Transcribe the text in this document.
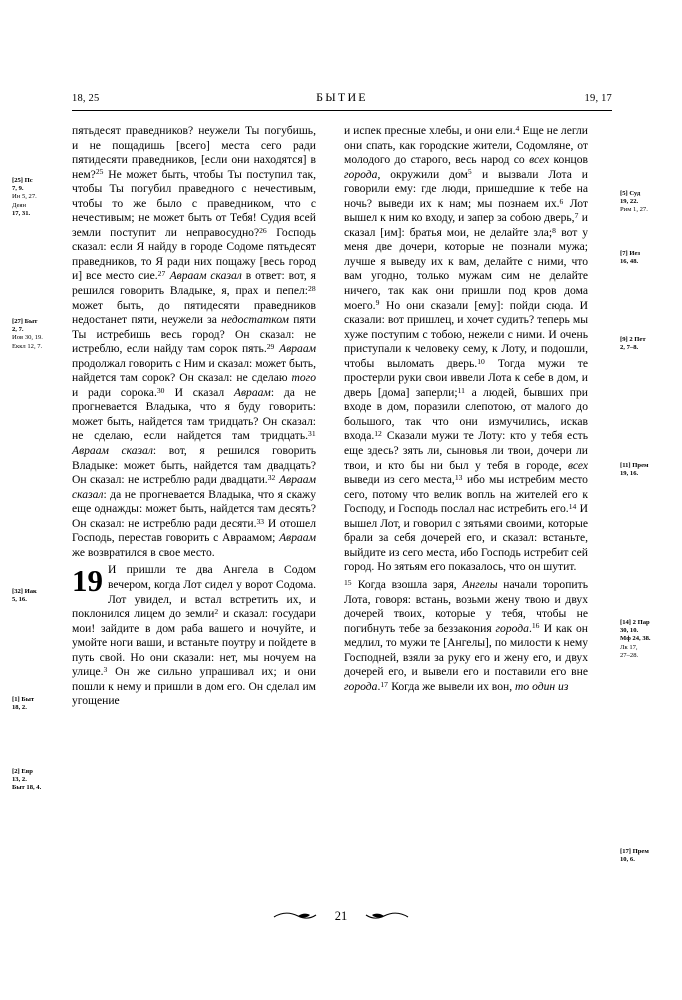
18, 25	БЫТИЕ	19, 17
[25] Пс
7, 9.
Ин 5, 27.
Деян
17, 31.
[27] Быт
2, 7.
Иов 30, 19.
Еккл 12, 7.
[32] Иак
5, 16.
[1] Быт
18, 2.
[2] Евр
13, 2.
Быт 18, 4.
[5] Суд
19, 22.
Рим 1, 27.
[7] Иез
16, 48.
[9] 2 Пет
2, 7–8.
[11] Прем
19, 16.
[14] 2 Пар
30, 10.
Мф 24, 38.
Лк 17,
27–28.
[17] Прем
10, 6.

пятьдесят праведников? неужели Ты погубишь, и не пощадишь [всего] места сего ради пятидесяти праведников, [если они находятся] в нем?$^{25}$ Не может быть, чтобы Ты поступил так, чтобы Ты погубил праведного с нечестивым, чтобы то же было с праведником, что с нечестивым; не может быть от Тебя! Судия всей земли поступит ли неправосудно?$^{26}$ Господь сказал: если Я найду в городе Содоме пятьдесят праведников, то Я ради них пощажу [весь город и] все место сие.$^{27}$ Авраам сказал в ответ: вот, я решился говорить Владыке, я, прах и пепел:$^{28}$ может быть, до пятидесяти праведников недостанет пяти, неужели за недостатком пяти Ты истребишь весь город? Он сказал: не истреблю, если найду там сорок пять.$^{29}$ Авраам продолжал говорить с Ним и сказал: может быть, найдется там сорок? Он сказал: не сделаю того и ради сорока.$^{30}$ И сказал Авраам: да не прогневается Владыка, что я буду говорить: может быть, найдется там тридцать? Он сказал: не сделаю, если найдется там тридцать.$^{31}$ Авраам сказал: вот, я решился говорить Владыке: может быть, найдется там двадцать? Он сказал: не истреблю ради двадцати.$^{32}$ Авраам сказал: да не прогневается Владыка, что я скажу еще однажды: может быть, найдется там десять? Он сказал: не истреблю ради десяти.$^{33}$ И отошел Господь, перестав говорить с Авраамом; Авраам же возвратился в свое место.

19 И пришли те два Ангела в Содом вечером, когда Лот сидел у ворот Содома. Лот увидел, и встал встретить их, и поклонился лицем до земли$^2$ и сказал: государи мои! зайдите в дом раба вашего и ночуйте, и умойте ноги ваши, и встаньте поутру и пойдете в путь свой. Но они сказали: нет, мы ночуем на улице.$^3$ Он же сильно упрашивал их; и они пошли к нему и пришли в дом его. Он сделал им угощение

и испек пресные хлебы, и они ели.$^4$ Еще не легли они спать, как городские жители, Содомляне, от молодого до старого, весь народ со всех концов города, окружили дом$^5$ и вызвали Лота и говорили ему: где люди, пришедшие к тебе на ночь? выведи их к нам; мы познаем их.$^6$ Лот вышел к ним ко входу, и запер за собою дверь,$^7$ и сказал [им]: братья мои, не делайте зла;$^8$ вот у меня две дочери, которые не познали мужа; лучше я выведу их к вам, делайте с ними, что вам угодно, только мужам сим не делайте ничего, так как они пришли под кров дома моего.$^9$ Но они сказали [ему]: пойди сюда. И сказали: вот пришлец, и хочет судить? теперь мы хуже поступим с тобою, нежели с ними. И очень приступали к человеку сему, к Лоту, и подошли, чтобы выломать дверь.$^{10}$ Тогда мужи те простерли руки свои иввели Лота к себе в дом, и дверь [дома] заперли;$^{11}$ а людей, бывших при входе в дом, поразили слепотою, от малого до большого, так что они измучились, искав входа.$^{12}$ Сказали мужи те Лоту: кто у тебя есть еще здесь? зять ли, сыновья ли твои, дочери ли твои, и кто бы ни был у тебя в городе, всех выведи из сего места,$^{13}$ ибо мы истребим место сего, потому что велик вопль на жителей его к Господу, и Господь послал нас истребить его.$^{14}$ И вышел Лот, и говорил с зятьями своими, которые брали за себя дочерей его, и сказал: встаньте, выйдите из сего места, ибо Господь истребит сей город. Но зятьям его показалось, что он шутит.

$^{15}$ Когда взошла заря, Ангелы начали торопить Лота, говоря: встань, возьми жену твою и двух дочерей твоих, которые у тебя, чтобы не погибнуть тебе за беззакония города.$^{16}$ И как он медлил, то мужи те [Ангелы], по милости к нему Господней, взяли за руку его и жену его, и двух дочерей его, и вывели его и поставили его вне города.$^{17}$ Когда же вывели их вон, то один из

21
